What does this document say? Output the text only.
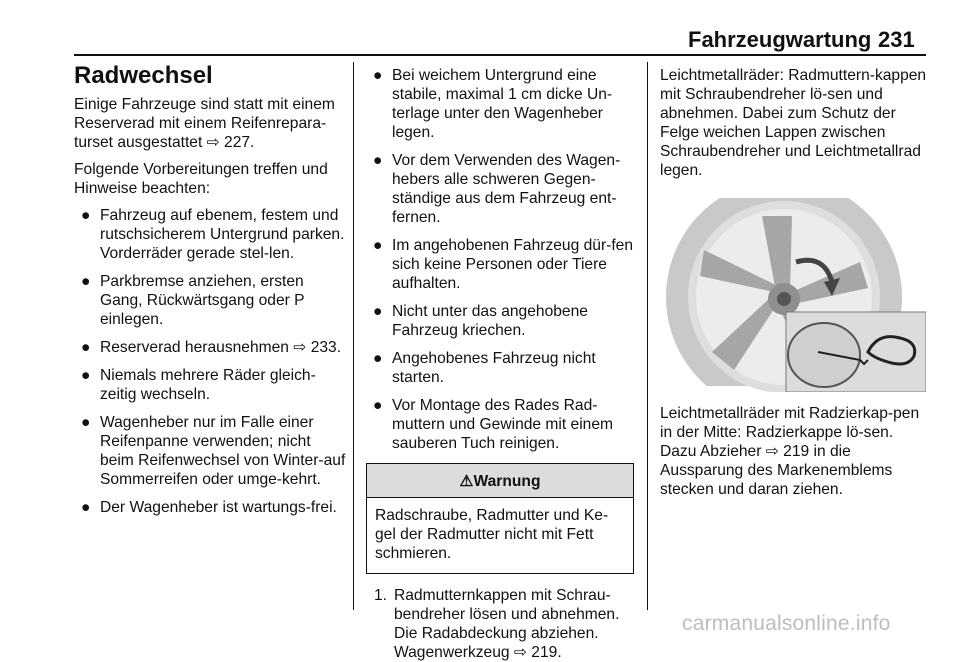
Fahrzeugwartung 231
Radwechsel

Einige Fahrzeuge sind statt mit einem Reserverad mit einem Reifenrepara-turset ausgestattet ⇨ 227.

Folgende Vorbereitungen treffen und Hinweise beachten:

● Fahrzeug auf ebenem, festem und rutschsicherem Untergrund parken. Vorderräder gerade stel-len.
● Parkbremse anziehen, ersten Gang, Rückwärtsgang oder P einlegen.
● Reserverad herausnehmen ⇨ 233.
● Niemals mehrere Räder gleich-zeitig wechseln.
● Wagenheber nur im Falle einer Reifenpanne verwenden; nicht beim Reifenwechsel von Winter-auf Sommerreifen oder umge-kehrt.
● Der Wagenheber ist wartungs-frei.
● Bei weichem Untergrund eine stabile, maximal 1 cm dicke Un-terlage unter den Wagenheber legen.
● Vor dem Verwenden des Wagen-hebers alle schweren Gegen-ständige aus dem Fahrzeug ent-fernen.
● Im angehobenen Fahrzeug dür-fen sich keine Personen oder Tiere aufhalten.
● Nicht unter das angehobene Fahrzeug kriechen.
● Angehobenes Fahrzeug nicht starten.
● Vor Montage des Rades Rad-muttern und Gewinde mit einem sauberen Tuch reinigen.
⚠Warnung
Radschraube, Radmutter und Ke-gel der Radmutter nicht mit Fett schmieren.
1. Radmutternkappen mit Schrau-bendreher lösen und abnehmen. Die Radabdeckung abziehen. Wagenwerkzeug ⇨ 219.

Leichtmetallräder: Radmuttern-kappen mit Schraubendreher lö-sen und abnehmen. Dabei zum Schutz der Felge weichen Lappen zwischen Schraubendreher und Leichtmetallrad legen.

Leichtmetallräder mit Radzierkap-pen in der Mitte: Radzierkappe lö-sen. Dazu Abzieher ⇨ 219 in die Aussparung des Markenemblems stecken und daran ziehen.

carmanualsonline.info
